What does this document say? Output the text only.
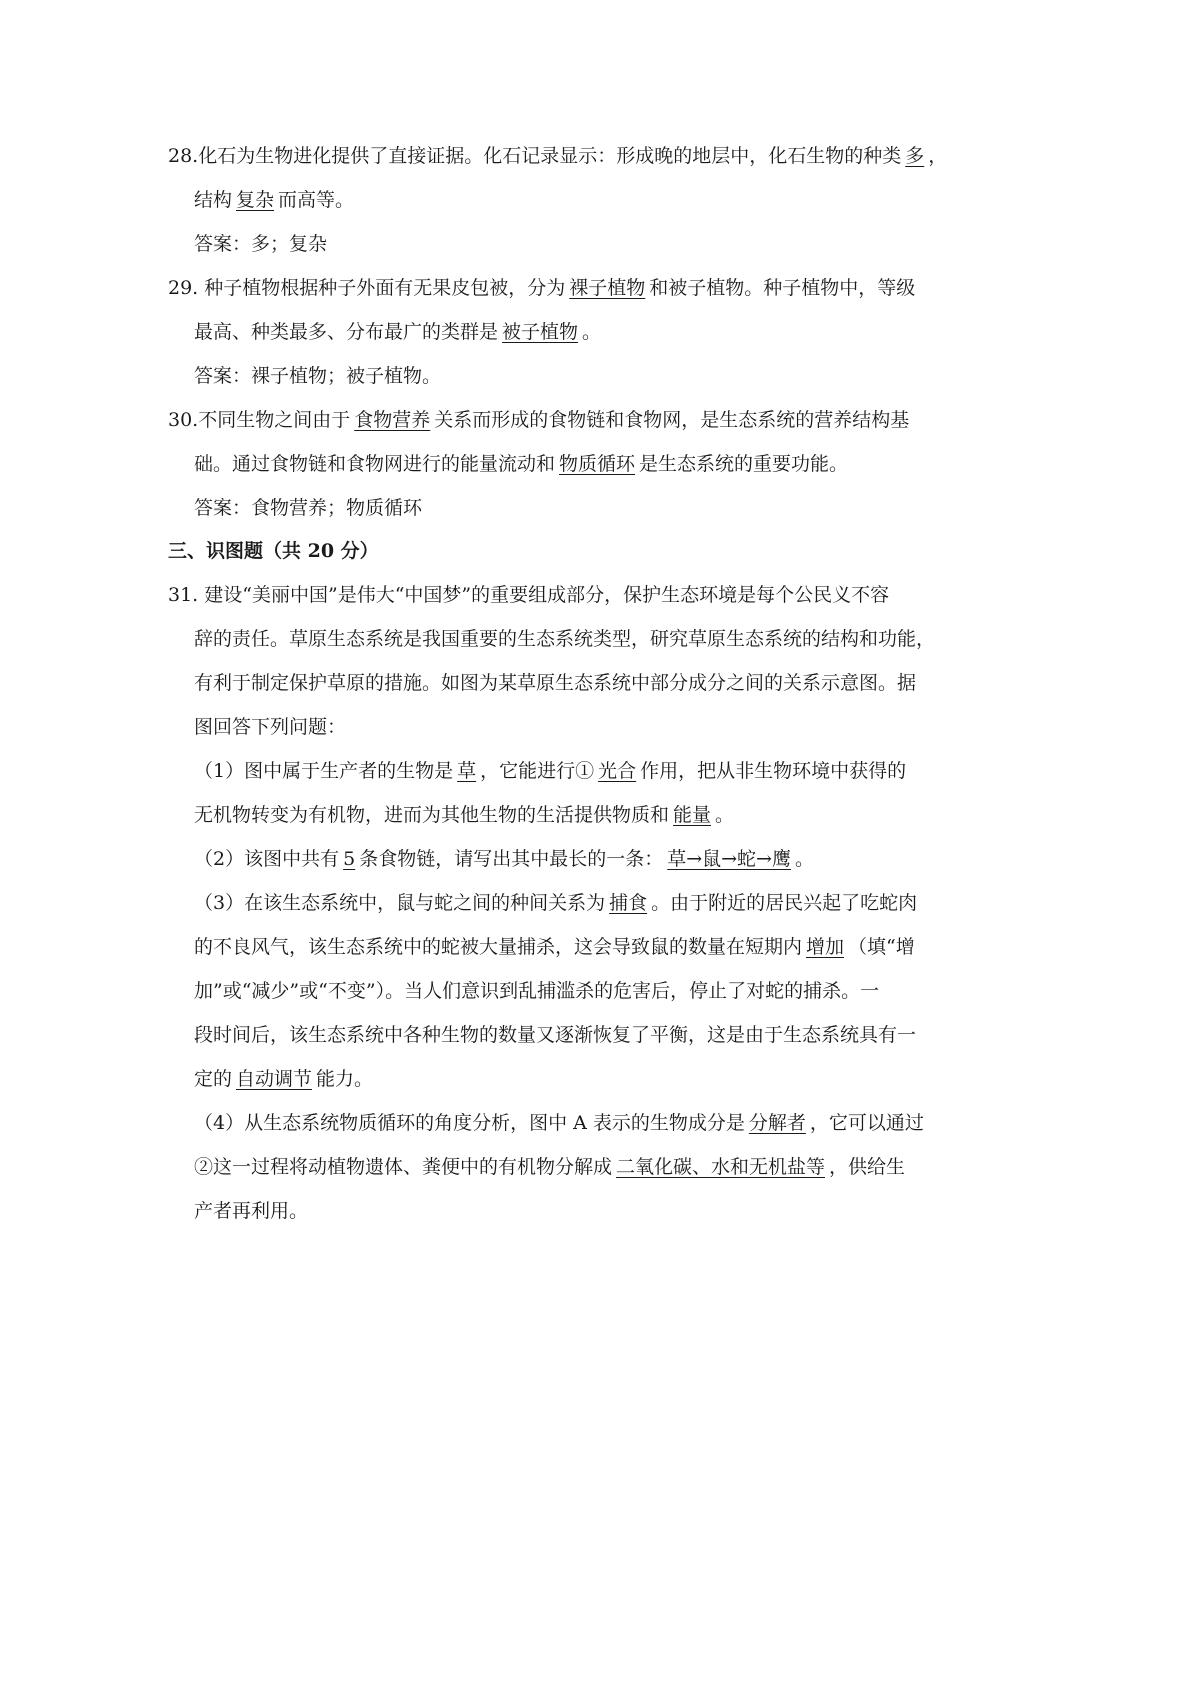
28.化石为生物进化提供了直接证据。化石记录显示：形成晚的地层中，化石生物的种类 多 ，
结构 复杂 而高等。
答案：多；复杂
29. 种子植物根据种子外面有无果皮包被，分为 裸子植物 和被子植物。种子植物中，等级
最高、种类最多、分布最广的类群是 被子植物 。
答案：裸子植物；被子植物。
30.不同生物之间由于 食物营养 关系而形成的食物链和食物网，是生态系统的营养结构基
础。通过食物链和食物网进行的能量流动和 物质循环 是生态系统的重要功能。
答案：食物营养；物质循环
三、识图题（共 20 分）
31. 建设“美丽中国”是伟大“中国梦”的重要组成部分，保护生态环境是每个公民义不容
辞的责任。草原生态系统是我国重要的生态系统类型，研究草原生态系统的结构和功能，
有利于制定保护草原的措施。如图为某草原生态系统中部分成分之间的关系示意图。据
图回答下列问题：
（1）图中属于生产者的生物是 草 ，它能进行① 光合 作用，把从非生物环境中获得的
无机物转变为有机物，进而为其他生物的生活提供物质和 能量 。
（2）该图中共有 5 条食物链，请写出其中最长的一条： 草→鼠→蛇→鹰 。
（3）在该生态系统中，鼠与蛇之间的种间关系为 捕食 。由于附近的居民兴起了吃蛇肉
的不良风气，该生态系统中的蛇被大量捕杀，这会导致鼠的数量在短期内 增加 （填“增
加”或“减少”或“不变”）。当人们意识到乱捕滥杀的危害后，停止了对蛇的捕杀。一
段时间后，该生态系统中各种生物的数量又逐渐恢复了平衡，这是由于生态系统具有一
定的 自动调节 能力。
（4）从生态系统物质循环的角度分析，图中 A 表示的生物成分是 分解者 ，它可以通过
②这一过程将动植物遗体、粪便中的有机物分解成 二氧化碳、水和无机盐等 ，供给生
产者再利用。
